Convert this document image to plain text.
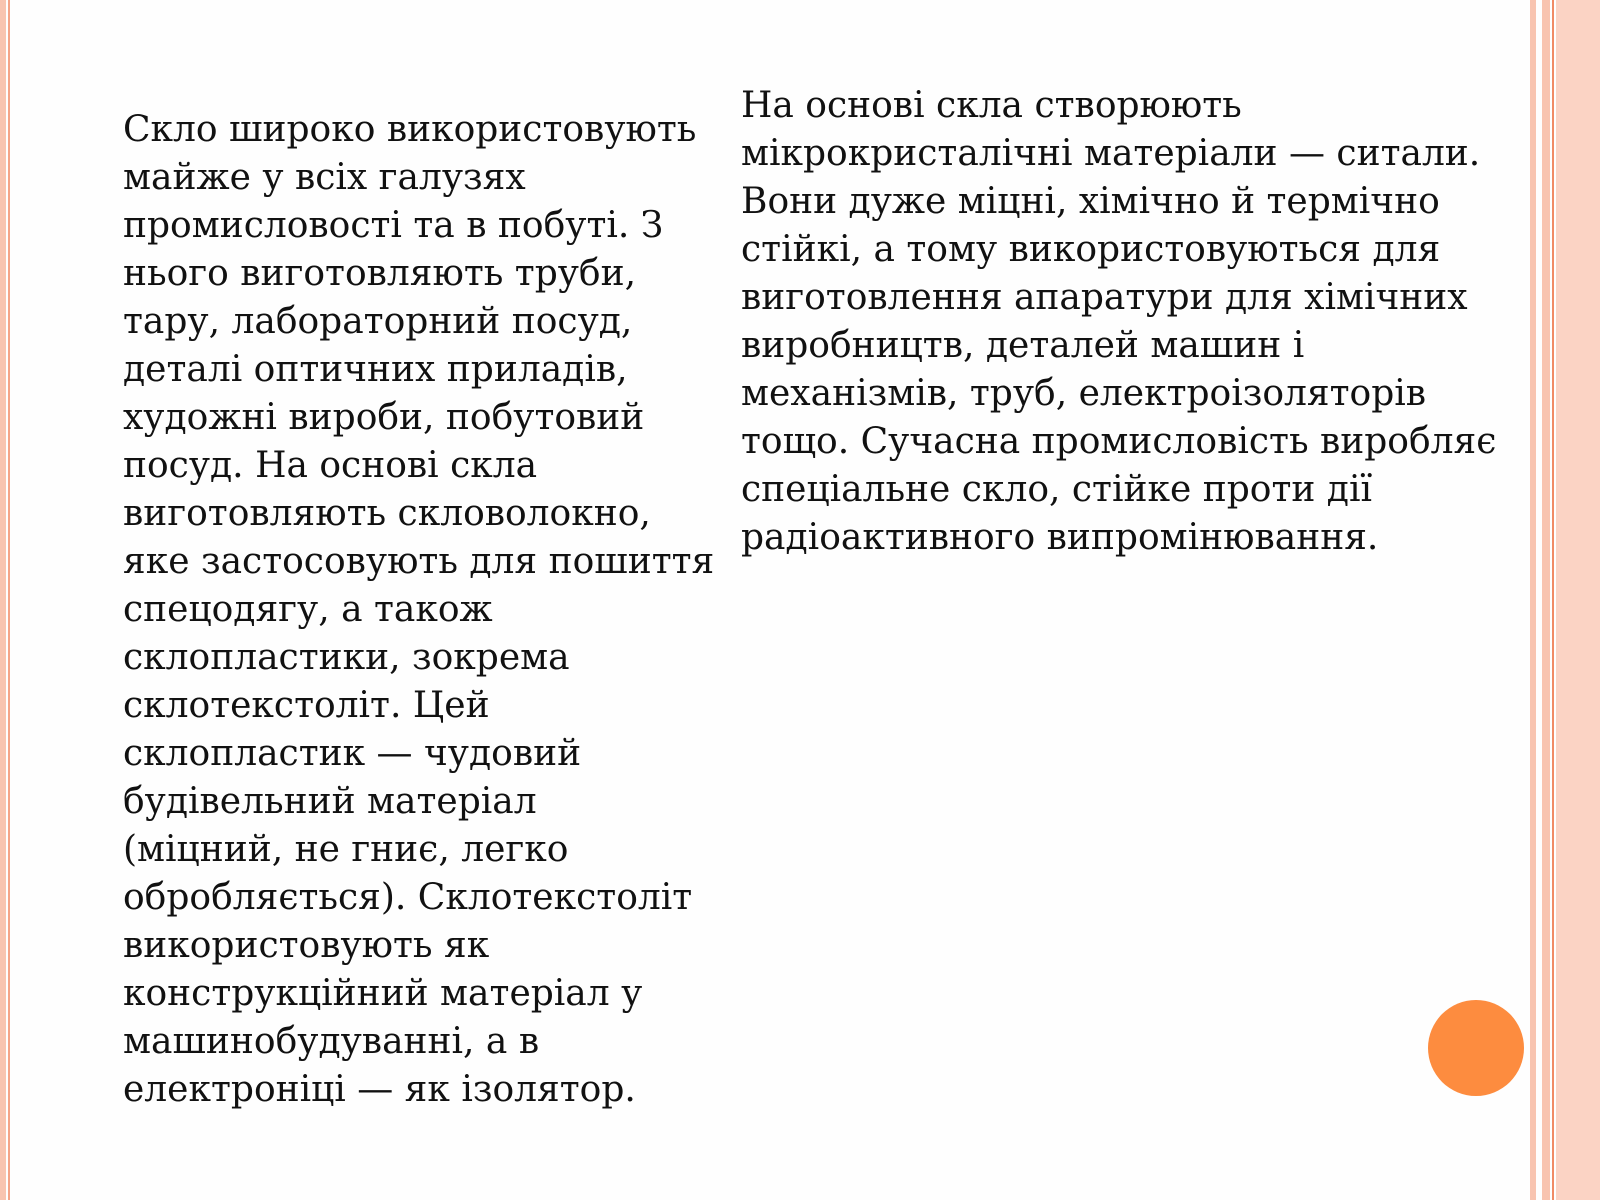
Скло широко використовують
майже у всіх галузях
промисловості та в побуті. З
нього виготовляють труби,
тару, лабораторний посуд,
деталі оптичних приладів,
художні вироби, побутовий
посуд. На основі скла
виготовляють скловолокно,
яке застосовують для пошиття
спецодягу, а також
склопластики, зокрема
склотекстоліт. Цей
склопластик — чудовий
будівельний матеріал
(міцний, не гниє, легко
обробляється). Склотекстоліт
використовують як
конструкційний матеріал у
машинобудуванні, а в
електроніці — як ізолятор.

На основі скла створюють
мікрокристалічні матеріали — ситали.
Вони дуже міцні, хімічно й термічно
стійкі, а тому використовуються для
виготовлення апаратури для хімічних
виробництв, деталей машин і
механізмів, труб, електроізоляторів
тощо. Сучасна промисловість виробляє
спеціальне скло, стійке проти дії
радіоактивного випромінювання.
